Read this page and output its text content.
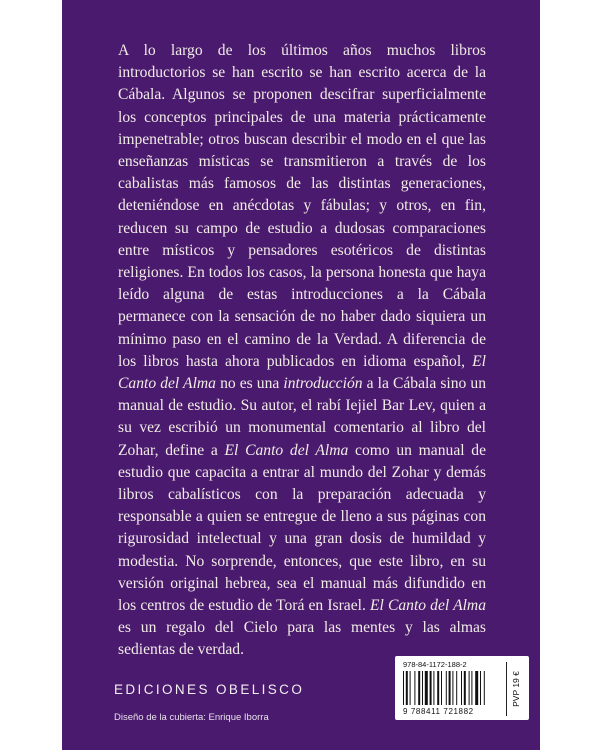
A lo largo de los últimos años muchos libros introductorios se han escrito se han escrito acerca de la Cábala. Algunos se proponen descifrar superficialmente los conceptos principales de una materia prácticamente impenetrable; otros buscan describir el modo en el que las enseñanzas místicas se transmitieron a través de los cabalistas más famosos de las distintas generaciones, deteniéndose en anécdotas y fábulas; y otros, en fin, reducen su campo de estudio a dudosas comparaciones entre místicos y pensadores esotéricos de distintas religiones. En todos los casos, la persona honesta que haya leído alguna de estas introducciones a la Cábala permanece con la sensación de no haber dado siquiera un mínimo paso en el camino de la Verdad. A diferencia de los libros hasta ahora publicados en idioma español, El Canto del Alma no es una introducción a la Cábala sino un manual de estudio. Su autor, el rabí Iejiel Bar Lev, quien a su vez escribió un monumental comentario al libro del Zohar, define a El Canto del Alma como un manual de estudio que capacita a entrar al mundo del Zohar y demás libros cabalísticos con la preparación adecuada y responsable a quien se entregue de lleno a sus páginas con rigurosidad intelectual y una gran dosis de humildad y modestia. No sorprende, entonces, que este libro, en su versión original hebrea, sea el manual más difundido en los centros de estudio de Torá en Israel. El Canto del Alma es un regalo del Cielo para las mentes y las almas sedientas de verdad.

EDICIONES OBELISCO
Diseño de la cubierta: Enrique Iborra
978-84-1172-188-2
9 788411 721882
PVP 19 €
